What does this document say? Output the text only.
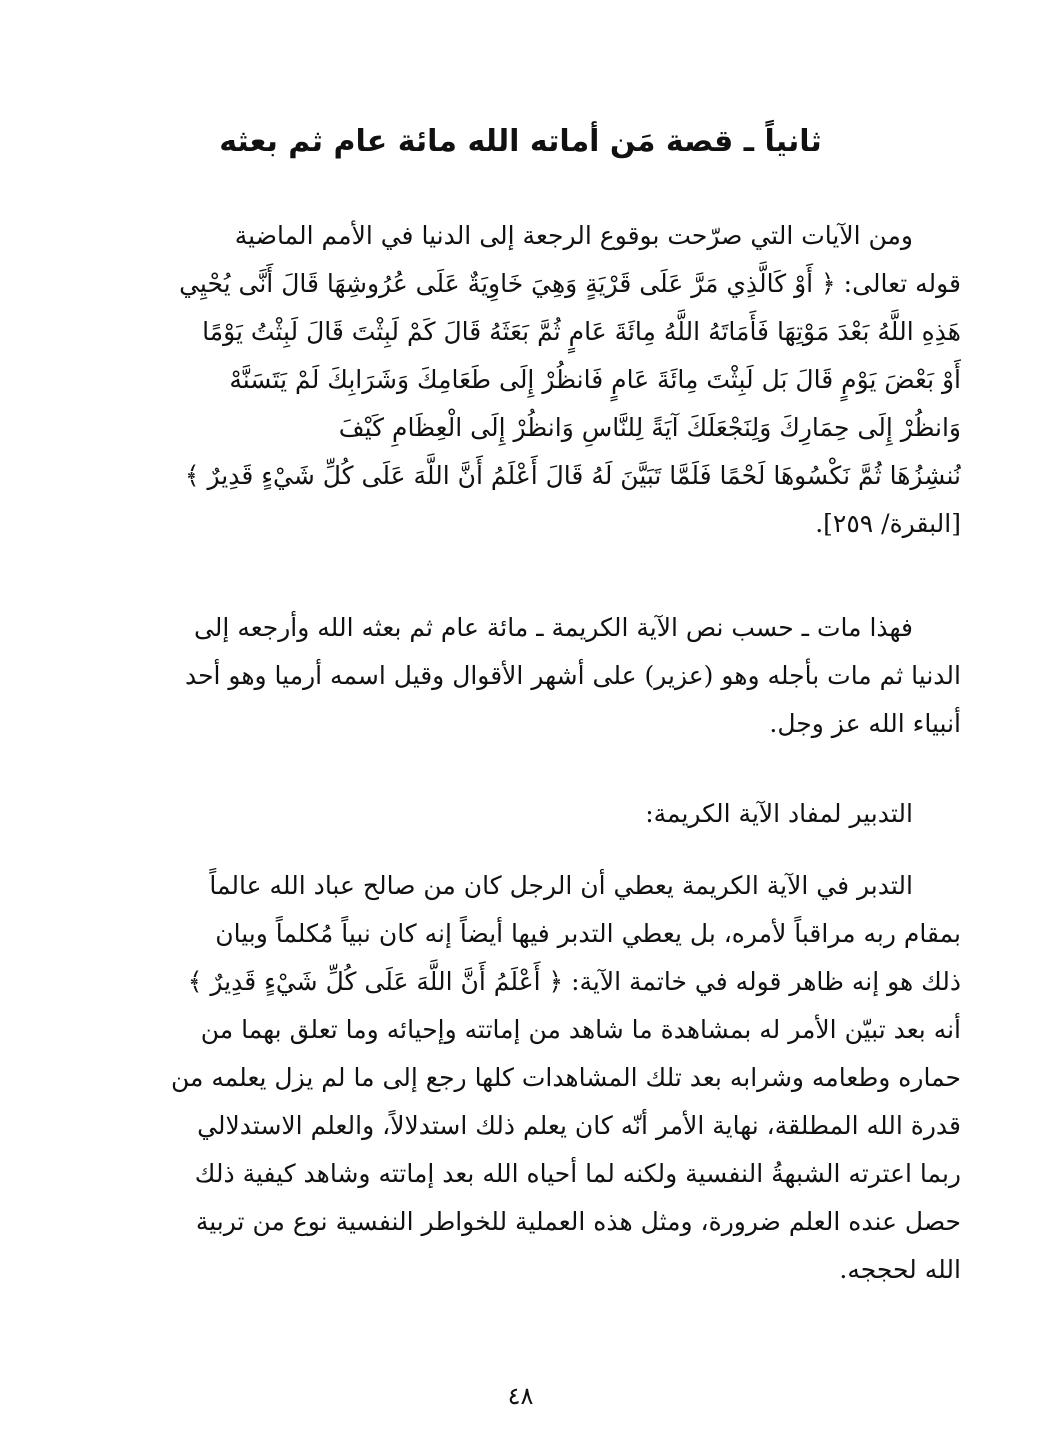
ثانياً ـ قصة مَن أماته الله مائة عام ثم بعثه
ومن الآيات التي صرّحت بوقوع الرجعة إلى الدنيا في الأمم الماضية
قوله تعالى: ﴿ أَوْ كَالَّذِي مَرَّ عَلَى قَرْيَةٍ وَهِيَ خَاوِيَةٌ عَلَى عُرُوشِهَا قَالَ أَنَّى يُحْيِي
هَذِهِ اللَّهُ بَعْدَ مَوْتِهَا فَأَمَاتَهُ اللَّهُ مِائَةَ عَامٍ ثُمَّ بَعَثَهُ قَالَ كَمْ لَبِثْتَ قَالَ لَبِثْتُ يَوْمًا
أَوْ بَعْضَ يَوْمٍ قَالَ بَل لَبِثْتَ مِائَةَ عَامٍ فَانظُرْ إِلَى طَعَامِكَ وَشَرَابِكَ لَمْ يَتَسَنَّهْ
وَانظُرْ إِلَى حِمَارِكَ وَلِنَجْعَلَكَ آيَةً لِلنَّاسِ وَانظُرْ إِلَى الْعِظَامِ كَيْفَ
نُنشِزُهَا ثُمَّ نَكْسُوهَا لَحْمًا فَلَمَّا تَبَيَّنَ لَهُ قَالَ أَعْلَمُ أَنَّ اللَّهَ عَلَى كُلِّ شَيْءٍ قَدِيرٌ ﴾
[البقرة/ ٢٥٩].
فهذا مات ـ حسب نص الآية الكريمة ـ مائة عام ثم بعثه الله وأرجعه إلى
الدنيا ثم مات بأجله وهو (عزير) على أشهر الأقوال وقيل اسمه أرميا وهو أحد
أنبياء الله عز وجل.
التدبير لمفاد الآية الكريمة:
التدبر في الآية الكريمة يعطي أن الرجل كان من صالح عباد الله عالماً
بمقام ربه مراقباً لأمره، بل يعطي التدبر فيها أيضاً إنه كان نبياً مُكلماً وبيان
ذلك هو إنه ظاهر قوله في خاتمة الآية: ﴿ أَعْلَمُ أَنَّ اللَّهَ عَلَى كُلِّ شَيْءٍ قَدِيرٌ ﴾
أنه بعد تبيّن الأمر له بمشاهدة ما شاهد من إماتته وإحيائه وما تعلق بهما من
حماره وطعامه وشرابه بعد تلك المشاهدات كلها رجع إلى ما لم يزل يعلمه من
قدرة الله المطلقة، نهاية الأمر أنّه كان يعلم ذلك استدلالاً، والعلم الاستدلالي
ربما اعترته الشبهةُ النفسية ولكنه لما أحياه الله بعد إماتته وشاهد كيفية ذلك
حصل عنده العلم ضرورة، ومثل هذه العملية للخواطر النفسية نوع من تربية
الله لحججه.
٤٨
